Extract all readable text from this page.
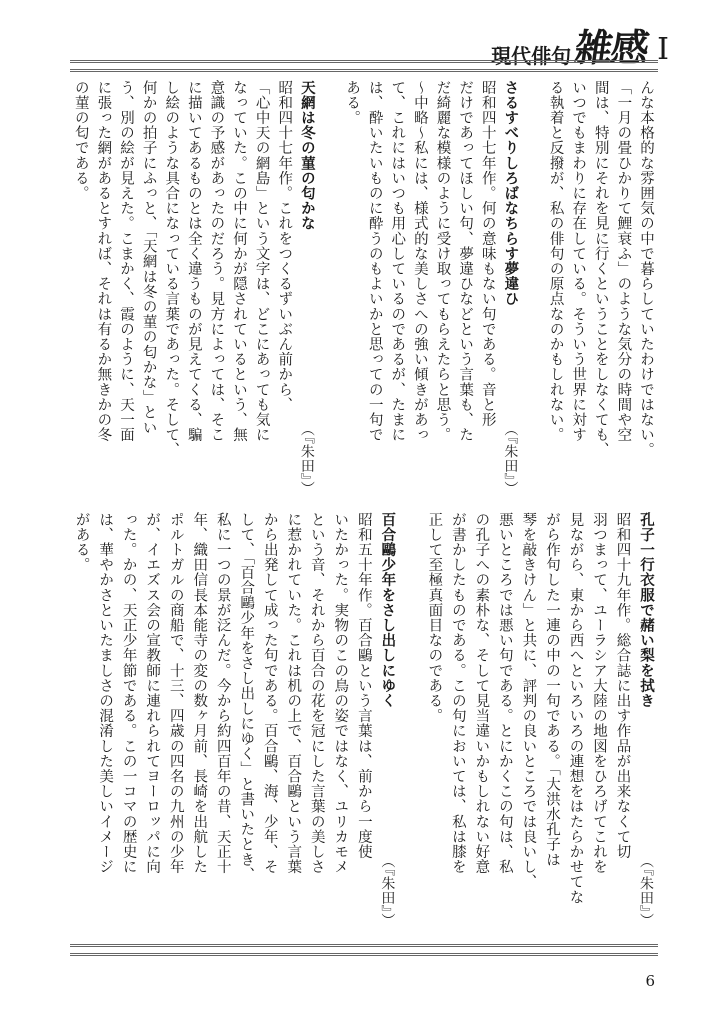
現代俳句 雑感 I
んな本格的な雰囲気の中で暮らしていたわけではない。
「一月の畳ひかりて鯉衰ふ」のような気分の時間や空
間は、特別にそれを見に行くということをしなくても、
いつでもまわりに存在している。そういう世界に対す
る執着と反撥が、私の俳句の原点なのかもしれない。
さるすべりしろばなちらす夢違ひ
（『朱田』）
昭和四十七年作。何の意味もない句である。音と形
だけであってほしい句、夢違ひなどという言葉も、た
だ綺麗な模様のように受け取ってもらえたらと思う。
〜中略〜私には、様式的な美しさへの強い傾きがあっ
て、これにはいつも用心しているのであるが、たまに
は、酔いたいものに酔うのもよいかと思っての一句で
ある。
天網は冬の菫の匂かな
（『朱田』）
昭和四十七年作。これをつくるずいぶん前から、
「心中天の網島」という文字は、どこにあっても気に
なっていた。この中に何かが隠されているという、無
意識の予感があったのだろう。見方によっては、そこ
に描いてあるものとは全く違うものが見えてくる、騙
し絵のような具合になっている言葉であった。そして、
何かの拍子にふっと、「天網は冬の菫の匂かな」とい
う、別の絵が見えた。こまかく、霞のように、天一面
に張った網があるとすれば、それは有るか無きかの冬
の菫の匂である。
孔子一行衣服で赭い梨を拭き
（『朱田』）
昭和四十九年作。総合誌に出す作品が出来なくて切
羽つまって、ユーラシア大陸の地図をひろげてこれを
見ながら、東から西へといろいろの連想をはたらかせてな
がら作句した一連の中の一句である。「大洪水孔子は
琴を敲きけん」と共に、評判の良いところでは良いし、
悪いところでは悪い句である。とにかくこの句は、私
の孔子への素朴な、そして見当違いかもしれない好意
が書かしたものである。この句においては、私は膝を
正して至極真面目なのである。
百合鷗少年をさし出しにゆく
（『朱田』）
昭和五十年作。百合鷗という言葉は、前から一度使
いたかった。実物のこの鳥の姿ではなく、ユリカモメ
という音、それから百合の花を冠にした言葉の美しさ
に惹かれていた。これは机の上で、百合鷗という言葉
から出発して成った句である。百合鷗、海、少年、そ
して、「百合鷗少年をさし出しにゆく」と書いたとき、
私に一つの景が泛んだ。今から約四百年の昔、天正十
年、織田信長本能寺の変の数ヶ月前、長崎を出航した
ポルトガルの商船で、十三、四歳の四名の九州の少年
が、イエズス会の宣教師に連れられてヨーロッパに向
った。かの、天正少年節である。この一コマの歴史に
は、華やかさといたましさの混淆した美しいイメージ
がある。
6
